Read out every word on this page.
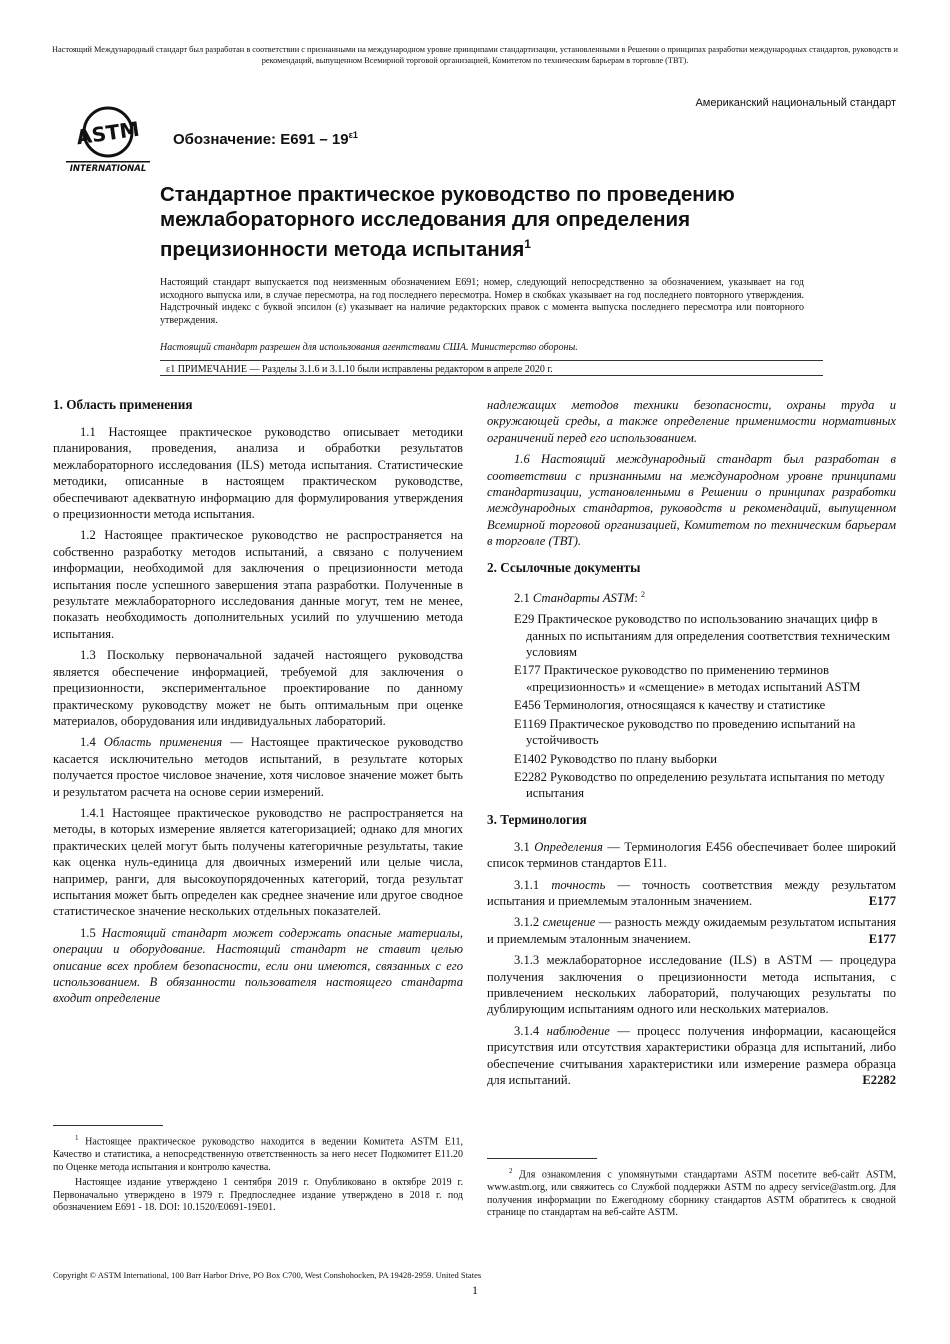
Настоящий Международный стандарт был разработан в соответствии с признанными на международном уровне принципами стандартизации, установленными в Решении о принципах разработки международных стандартов, руководств и рекомендаций, выпущенном Всемирной торговой организацией, Комитетом по техническим барьерам в торговле (ТВТ).
ASTM
INTERNATIONAL
Обозначение: $E691 - 19^{\varepsilon 1}$
Американский национальный стандарт
Стандартное практическое руководство по проведению межлабораторного исследования для определения прецизионности метода испытания$^1$
Настоящий стандарт выпускается под неизменным обозначением E691; номер, следующий непосредственно за обозначением, указывает на год исходного выпуска или, в случае пересмотра, на год последнего пересмотра. Номер в скобках указывает на год последнего повторного утверждения. Надстрочный индекс с буквой эпсилон (ε) указывает на наличие редакторских правок с момента выпуска последнего пересмотра или повторного утверждения.
Настоящий стандарт разрешен для использования агентствами США. Министерство обороны.
ε1 ПРИМЕЧАНИЕ — Разделы 3.1.6 и 3.1.10 были исправлены редактором в апреле 2020 г.
1. Область применения

1.1 Настоящее практическое руководство описывает методики планирования, проведения, анализа и обработки результатов межлабораторного исследования (ILS) метода испытания. Статистические методики, описанные в настоящем практическом руководстве, обеспечивают адекватную информацию для формулирования утверждения о прецизионности метода испытания.

1.2 Настоящее практическое руководство не распространяется на собственно разработку методов испытаний, а связано с получением информации, необходимой для заключения о прецизионности метода испытания после успешного завершения этапа разработки. Полученные в результате межлабораторного исследования данные могут, тем не менее, показать необходимость дополнительных усилий по улучшению метода испытания.

1.3 Поскольку первоначальной задачей настоящего руководства является обеспечение информацией, требуемой для заключения о прецизионности, экспериментальное проектирование по данному практическому руководству может не быть оптимальным при оценке материалов, оборудования или индивидуальных лабораторий.

1.4 Область применения — Настоящее практическое руководство касается исключительно методов испытаний, в результате которых получается простое числовое значение, хотя числовое значение может быть и результатом расчета на основе серии измерений.

1.4.1 Настоящее практическое руководство не распространяется на методы, в которых измерение является категоризацией; однако для многих практических целей могут быть получены категоричные результаты, такие как оценка нуль-единица для двоичных измерений или целые числа, например, ранги, для высокоупорядоченных категорий, тогда результат испытания может быть определен как среднее значение или другое сводное статистическое значение нескольких отдельных показателей.

1.5 Настоящий стандарт может содержать опасные материалы, операции и оборудование. Настоящий стандарт не ставит целью описание всех проблем безопасности, если они имеются, связанных с его использованием. В обязанности пользователя настоящего стандарта входит определение

$^1$ Настоящее практическое руководство находится в ведении Комитета ASTM E11, Качество и статистика, а непосредственную ответственность за него несет Подкомитет E11.20 по Оценке метода испытания и контролю качества.

Настоящее издание утверждено 1 сентября 2019 г. Опубликовано в октябре 2019 г. Первоначально утверждено в 1979 г. Предпоследнее издание утверждено в 2018 г. под обозначением E691 - 18. DOI: 10.1520/E0691-19E01.

надлежащих методов техники безопасности, охраны труда и окружающей среды, а также определение применимости нормативных ограничений перед его использованием.

1.6 Настоящий международный стандарт был разработан в соответствии с признанными на международном уровне принципами стандартизации, установленными в Решении о принципах разработки международных стандартов, руководств и рекомендаций, выпущенном Всемирной торговой организацией, Комитетом по техническим барьерам в торговле (ТВТ).

2. Ссылочные документы

2.1 Стандарты ASTM: $^2$

E29 Практическое руководство по использованию значащих цифр в данных по испытаниям для определения соответствия техническим условиям

E177 Практическое руководство по применению терминов «прецизионность» и «смещение» в методах испытаний ASTM

E456 Терминология, относящаяся к качеству и статистике

E1169 Практическое руководство по проведению испытаний на устойчивость

E1402 Руководство по плану выборки

E2282 Руководство по определению результата испытания по методу испытания

3. Терминология

3.1 Определения — Терминология E456 обеспечивает более широкий список терминов стандартов E11.

3.1.1 точность — точность соответствия между результатом испытания и приемлемым эталонным значением.	E177

3.1.2 смещение — разность между ожидаемым результатом испытания и приемлемым эталонным значением.	E177

3.1.3 межлабораторное исследование (ILS) в ASTM — процедура получения заключения о прецизионности метода испытания, с привлечением нескольких лабораторий, получающих результаты по дублирующим испытаниям одного или нескольких материалов.

3.1.4 наблюдение — процесс получения информации, касающейся присутствия или отсутствия характеристики образца для испытаний, либо обеспечение считывания характеристики или измерение размера образца для испытаний.	E2282

$^2$ Для ознакомления с упомянутыми стандартами ASTM посетите веб-сайт ASTM, www.astm.org, или свяжитесь со Службой поддержки ASTM по адресу service@astm.org. Для получения информации по Ежегодному сборнику стандартов ASTM обратитесь к сводной странице по стандартам на веб-сайте ASTM.

Copyright © ASTM International, 100 Barr Harbor Drive, PO Box C700, West Conshohocken, PA 19428-2959. United States
1
